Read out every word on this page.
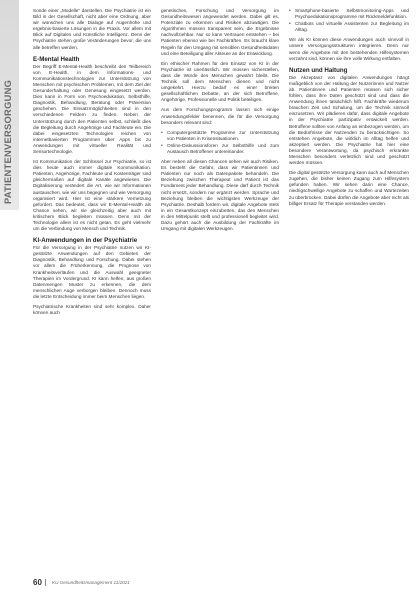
PATIENTENVERSORGUNG

Sonde einer „Modelle“ darstellen. Die Psychiatrie ist ein Bild in der Gesellschaft, nicht aber eine Ordnung, aber wir wünschen uns alle Dialoge auf Augenhöhe und ergebnis-basierte Lösungen in die Praxis. Vor allem mit Blick auf Digitales und Künstliche Intelligenz. Denn der Psychiatrie stehen große Veränderungen bevor, die uns alle betreffen werden.

E-Mental Health

Der Begriff E-Mental-Health beschreibt den Teilbereich von E-Health, in dem Informations- und Kommunikationstechnologien zur Unterstützung von Menschen mit psychischen Problemen, mit dem Ziel der Gesunderhaltung oder Genesung eingesetzt werden. Dies kann in Form von Psychoedukation, Selbsthilfe, Diagnostik, Behandlung, Beratung oder Prävention geschehen. Die Einsatzmöglichkeiten sind in den verschiedenen Feldern zu finden. Neben der Unterstützung durch den Patienten selbst, schließt dies die Begleitung durch Angehörige und Fachleute ein. Die dabei eingesetzten Technologien reichen von internetbasierten Programmen über Apps bis zu Anwendungen mit virtueller Realität und Sensortechnologie.

Ist Kommunikation der Schlüssel zur Psychiatrie, so ist dies heute auch immer digitale Kommunikation. Patienten, Angehörige, Fachleute und Kostenträger sind gleichermaßen auf digitale Kanäle angewiesen. Die Digitalisierung verändert die Art, wie wir Informationen austauschen, wie wir uns begegnen und wie Versorgung organisiert wird. Hier ist eine stärkere Vernetzung gefordert. Das bedeutet, dass wir E-Mental-Health als Chance sehen, wir sie gleichzeitig aber auch mit kritischem Blick begleiten müssen. Denn mit der Technologie allein ist es nicht getan. Es geht vielmehr um die Verbindung von Mensch und Technik.

KI-Anwendungen in der Psychiatrie

Für die Versorgung in der Psychiatrie nutzen wir KI-gestützte Anwendungen auf den Gebieten der Diagnostik, Behandlung und Forschung. Dabei stehen vor allem die Früherkennung, die Prognose von Krankheitsverläufen und die Auswahl geeigneter Therapien im Vordergrund. KI kann helfen, aus großen Datenmengen Muster zu erkennen, die dem menschlichen Auge verborgen bleiben. Dennoch muss die letzte Entscheidung immer beim Menschen liegen.

Psychiatrische Krankheiten sind sehr komplex. Daher können auch

genetischen, Forschung und Versorgung im Gesundheitswesen angewendet werden. Dabei gilt es, Potenziale zu erkennen und Risiken abzuwägen. Die Algorithmen müssen transparent sein, die Ergebnisse nachvollziehbar. Nur so kann Vertrauen entstehen – bei Patienten ebenso wie bei Fachkräften. Es braucht klare Regeln für den Umgang mit sensiblen Gesundheitsdaten und eine Beteiligung aller Akteure an der Entwicklung.

Ein ethischer Rahmen für den Einsatz von KI in der Psychiatrie ist unerlässlich. Wir müssen sicherstellen, dass die Würde des Menschen gewahrt bleibt. Die Technik soll dem Menschen dienen und nicht umgekehrt. Hierzu bedarf es einer breiten gesellschaftlichen Debatte, an der sich Betroffene, Angehörige, Professionelle und Politik beteiligen.

Aus dem Forschungsprogramm lassen sich einige Anwendungsfelder benennen, die für die Versorgung besonders relevant sind:

• Computergestützte Programme zur Unterstützung von Patienten in Krisensituationen.
• Online-Diskussionsforen zur Selbsthilfe und zum Austausch Betroffener untereinander.

Aber neben all diesen Chancen sehen wir auch Risiken. Es besteht die Gefahr, dass wir Patientinnen und Patienten nur noch als Datenpakete behandeln. Die Beziehung zwischen Therapeut und Patient ist das Fundament jeder Behandlung. Diese darf durch Technik nicht ersetzt, sondern nur ergänzt werden. Sprache und Beziehung bleiben die wichtigsten Werkzeuge der Psychiatrie. Deshalb fordern wir, digitale Angebote stets in ein Gesamtkonzept einzubetten, das den Menschen in den Mittelpunkt stellt und professionell begleitet wird. Dazu gehört auch die Ausbildung der Fachkräfte im Umgang mit digitalen Werkzeugen.

• Smartphone-basierte Selbstmonitoring-Apps und Psychoedukationsprogramme mit Rückmeldefunktion.
• Chatbots und virtuelle Assistenten zur Begleitung im Alltag.

Wir als KI können diese Anwendungen auch sinnvoll in unsere Versorgungsstrukturen integrieren. Denn nur wenn die Angebote mit den bestehenden Hilfesystemen verzahnt sind, können sie ihre volle Wirkung entfalten.

Nutzen und Haltung

Die Akzeptanz von digitalen Anwendungen hängt maßgeblich von der Haltung der Nutzerinnen und Nutzer ab. Patientinnen und Patienten müssen sich sicher fühlen, dass ihre Daten geschützt sind und dass die Anwendung ihnen tatsächlich hilft. Fachkräfte wiederum brauchen Zeit und Schulung, um die Technik sinnvoll einzusetzen. Wir plädieren dafür, dass digitale Angebote in der Psychiatrie partizipativ entwickelt werden. Betroffene sollten von Anfang an einbezogen werden, um die Bedürfnisse der Nutzenden zu berücksichtigen. So entstehen Angebote, die wirklich im Alltag helfen und akzeptiert werden. Die Psychiatrie hat hier eine besondere Verantwortung, da psychisch erkrankte Menschen besonders verletzlich sind und geschützt werden müssen.

Die digital gestützte Versorgung kann auch auf Menschen zugehen, die bisher keinen Zugang zum Hilfesystem gefunden haben. Wir sehen darin eine Chance, niedrigschwellige Angebote zu schaffen und Wartezeiten zu überbrücken. Dabei dürfen die Angebote aber nicht als billiger Ersatz für Therapie verstanden werden.

60 KU Gesundheitsmanagement 11/2021
